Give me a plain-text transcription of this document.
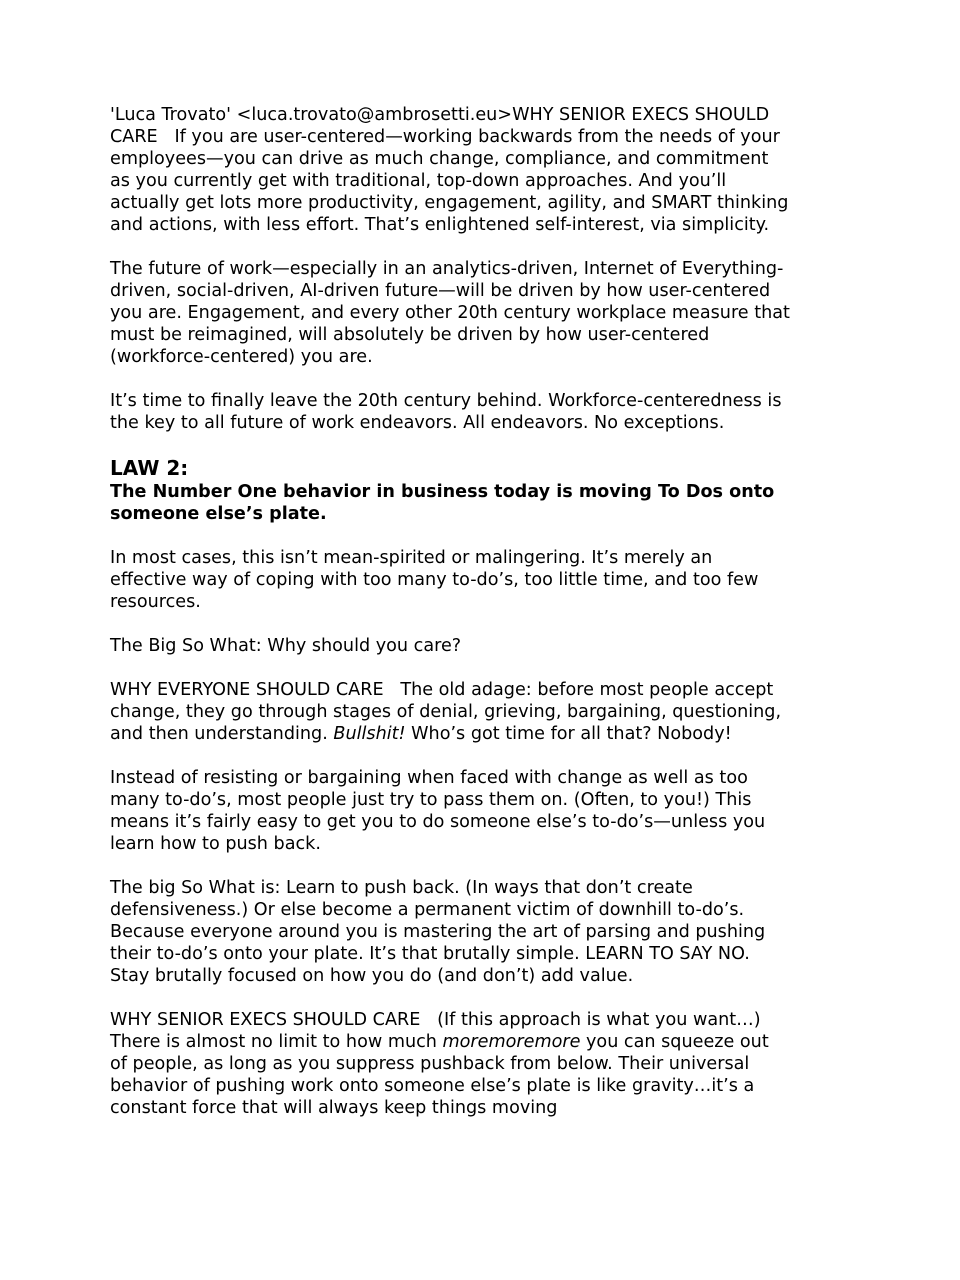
'Luca Trovato' <luca.trovato@ambrosetti.eu>WHY SENIOR EXECS SHOULD CARE If you are user-centered—working backwards from the needs of your employees—you can drive as much change, compliance, and commitment as you currently get with traditional, top-down approaches. And you’ll actually get lots more productivity, engagement, agility, and SMART thinking and actions, with less effort. That’s enlightened self-interest, via simplicity.

The future of work—especially in an analytics-driven, Internet of Everything-driven, social-driven, AI-driven future—will be driven by how user-centered you are. Engagement, and every other 20th century workplace measure that must be reimagined, will absolutely be driven by how user-centered (workforce-centered) you are.

It’s time to finally leave the 20th century behind. Workforce-centeredness is the key to all future of work endeavors. All endeavors. No exceptions.

LAW 2:
The Number One behavior in business today is moving To Dos onto someone else’s plate.

In most cases, this isn’t mean-spirited or malingering. It’s merely an effective way of coping with too many to-do’s, too little time, and too few resources.

The Big So What: Why should you care?

WHY EVERYONE SHOULD CARE The old adage: before most people accept change, they go through stages of denial, grieving, bargaining, questioning, and then understanding. Bullshit! Who’s got time for all that? Nobody!

Instead of resisting or bargaining when faced with change as well as too many to-do’s, most people just try to pass them on. (Often, to you!) This means it’s fairly easy to get you to do someone else’s to-do’s—unless you learn how to push back.

The big So What is: Learn to push back. (In ways that don’t create defensiveness.) Or else become a permanent victim of downhill to-do’s. Because everyone around you is mastering the art of parsing and pushing their to-do’s onto your plate. It’s that brutally simple. LEARN TO SAY NO. Stay brutally focused on how you do (and don’t) add value.

WHY SENIOR EXECS SHOULD CARE (If this approach is what you want…) There is almost no limit to how much moremoremore you can squeeze out of people, as long as you suppress pushback from below. Their universal behavior of pushing work onto someone else’s plate is like gravity…it’s a constant force that will always keep things moving
